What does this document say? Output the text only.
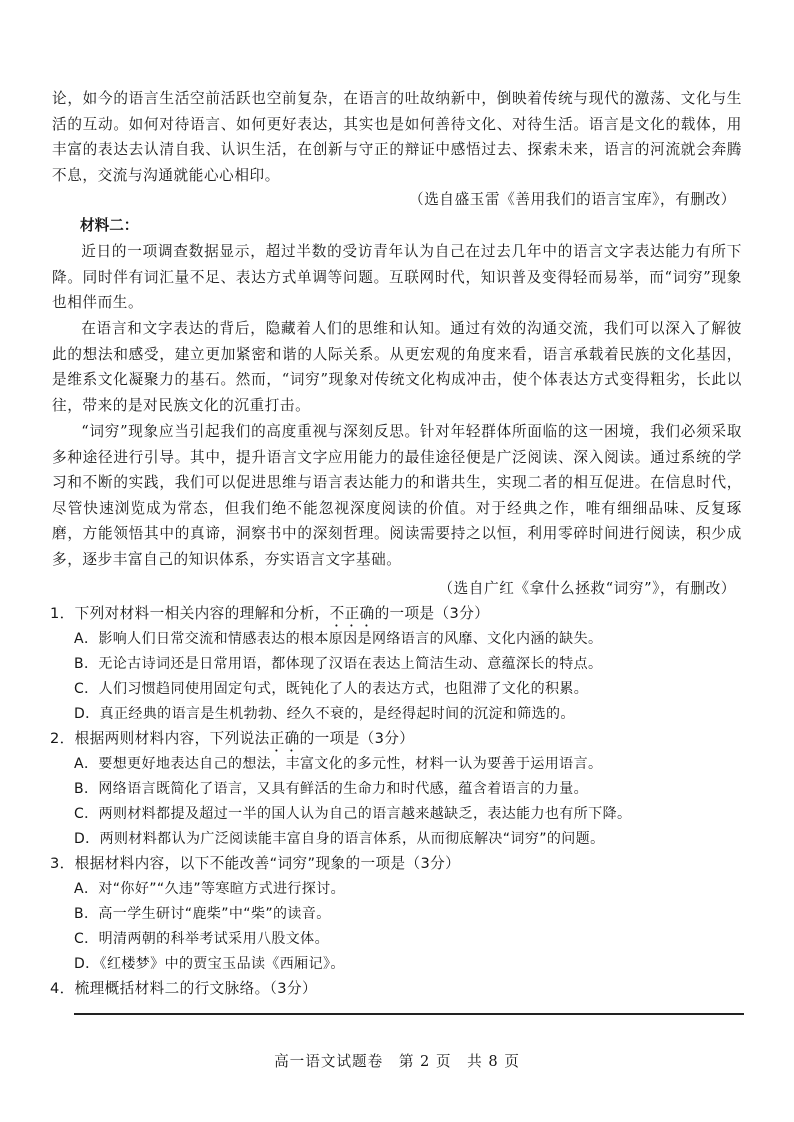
论，如今的语言生活空前活跃也空前复杂，在语言的吐故纳新中，倒映着传统与现代的激荡、文化与生活的互动。如何对待语言、如何更好表达，其实也是如何善待文化、对待生活。语言是文化的载体，用丰富的表达去认清自我、认识生活，在创新与守正的辩证中感悟过去、探索未来，语言的河流就会奔腾不息，交流与沟通就能心心相印。

（选自盛玉雷《善用我们的语言宝库》，有删改）
材料二：

近日的一项调查数据显示，超过半数的受访青年认为自己在过去几年中的语言文字表达能力有所下降。同时伴有词汇量不足、表达方式单调等问题。互联网时代，知识普及变得轻而易举，而“词穷”现象也相伴而生。

在语言和文字表达的背后，隐藏着人们的思维和认知。通过有效的沟通交流，我们可以深入了解彼此的想法和感受，建立更加紧密和谐的人际关系。从更宏观的角度来看，语言承载着民族的文化基因，是维系文化凝聚力的基石。然而，“词穷”现象对传统文化构成冲击，使个体表达方式变得粗劣，长此以往，带来的是对民族文化的沉重打击。

“词穷”现象应当引起我们的高度重视与深刻反思。针对年轻群体所面临的这一困境，我们必须采取多种途径进行引导。其中，提升语言文字应用能力的最佳途径便是广泛阅读、深入阅读。通过系统的学习和不断的实践，我们可以促进思维与语言表达能力的和谐共生，实现二者的相互促进。在信息时代，尽管快速浏览成为常态，但我们绝不能忽视深度阅读的价值。对于经典之作，唯有细细品味、反复琢磨，方能领悟其中的真谛，洞察书中的深刻哲理。阅读需要持之以恒，利用零碎时间进行阅读，积少成多，逐步丰富自己的知识体系，夯实语言文字基础。

（选自广红《拿什么拯救“词穷”》，有删改）
1．下列对材料一相关内容的理解和分析，不正确的一项是（3分）
A．影响人们日常交流和情感表达的根本原因是网络语言的风靡、文化内涵的缺失。
B．无论古诗词还是日常用语，都体现了汉语在表达上简洁生动、意蕴深长的特点。
C．人们习惯趋同使用固定句式，既钝化了人的表达方式，也阻滞了文化的积累。
D．真正经典的语言是生机勃勃、经久不衰的，是经得起时间的沉淀和筛选的。
2．根据两则材料内容，下列说法正确的一项是（3分）
A．要想更好地表达自己的想法，丰富文化的多元性，材料一认为要善于运用语言。
B．网络语言既简化了语言，又具有鲜活的生命力和时代感，蕴含着语言的力量。
C．两则材料都提及超过一半的国人认为自己的语言越来越缺乏，表达能力也有所下降。
D．两则材料都认为广泛阅读能丰富自身的语言体系，从而彻底解决“词穷”的问题。
3．根据材料内容，以下不能改善“词穷”现象的一项是（3分）
A．对“你好”“久违”等寒暄方式进行探讨。
B．高一学生研讨“鹿柴”中“柴”的读音。
C．明清两朝的科举考试采用八股文体。
D．《红楼梦》中的贾宝玉品读《西厢记》。
4．梳理概括材料二的行文脉络。（3分）
高一语文试题卷　第 2 页　共 8 页
